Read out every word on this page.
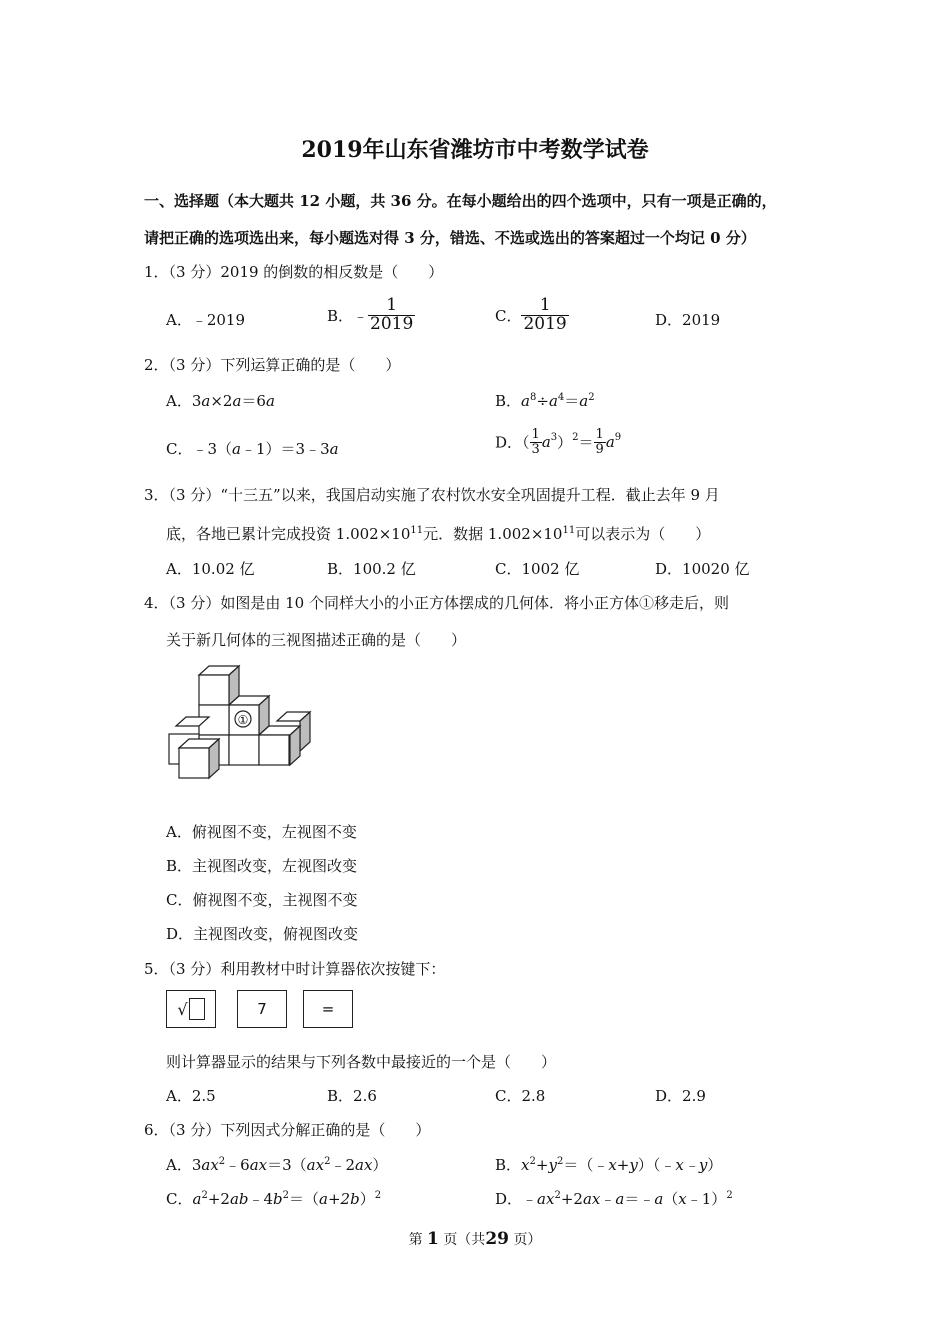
2019年山东省潍坊市中考数学试卷
一、选择题（本大题共 12 小题，共 36 分。在每小题给出的四个选项中，只有一项是正确的，
请把正确的选项选出来，每小题选对得 3 分，错选、不选或选出的答案超过一个均记 0 分）
1．（3 分）2019 的倒数的相反数是（　　）
A．﹣2019	B．﹣ $\frac{1}{2019}$	C． $\frac{1}{2019}$	D．2019
2．（3 分）下列运算正确的是（　　）
A．3a×2a＝6a	B．$a^8\div a^4=a^2$
C．﹣3（a﹣1）＝3﹣3a	D．（ $\frac{1}{3} a^3)^2= \frac{1}{9} a^9$
3．（3 分）“十三五”以来，我国启动实施了农村饮水安全巩固提升工程．截止去年 9 月
底，各地已累计完成投资 $1.002\times 10^{11}$元．数据 $1.002\times 10^{11}$可以表示为（　　）
A．10.02 亿	B．100.2 亿	C．1002 亿	D．10020 亿
4．（3 分）如图是由 10 个同样大小的小正方体摆成的几何体．将小正方体①移走后，则
关于新几何体的三视图描述正确的是（　　）
①
A．俯视图不变，左视图不变
B．主视图改变，左视图改变
C．俯视图不变，主视图不变
D．主视图改变，俯视图改变
5．（3 分）利用教材中时计算器依次按键下：
√	7	=
则计算器显示的结果与下列各数中最接近的一个是（　　）
A．2.5	B．2.6	C．2.8	D．2.9
6．（3 分）下列因式分解正确的是（　　）
A．$3ax^2﹣6ax=3(ax^2﹣2ax)$	B．$x^2+y^2=(﹣x+y)(﹣x﹣y)$
C．$a^2+2ab﹣4b^2=(a+2b)^2$	D．$﹣ax^2+2ax﹣a=﹣a(x﹣1)^2$
第 1 页（共29 页）
